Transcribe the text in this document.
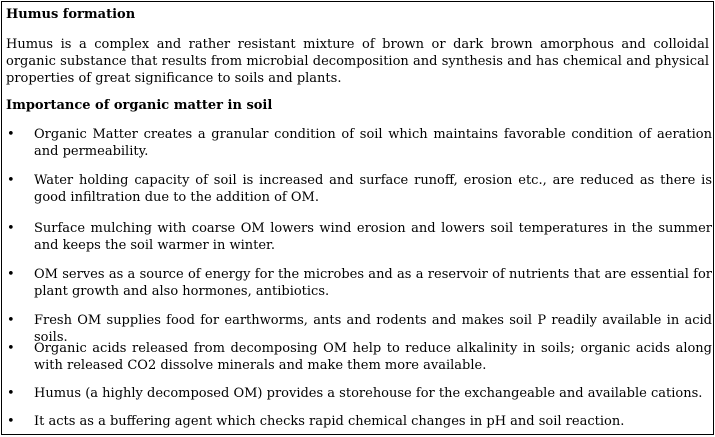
Humus formation
Humus is a complex and rather resistant mixture of brown or dark brown amorphous and colloidal organic substance that results from microbial decomposition and synthesis and has chemical and physical properties of great significance to soils and plants.
Importance of organic matter in soil
• Organic Matter creates a granular condition of soil which maintains favorable condition of aeration and permeability.
• Water holding capacity of soil is increased and surface runoff, erosion etc., are reduced as there is good infiltration due to the addition of OM.
• Surface mulching with coarse OM lowers wind erosion and lowers soil temperatures in the summer and keeps the soil warmer in winter.
• OM serves as a source of energy for the microbes and as a reservoir of nutrients that are essential for plant growth and also hormones, antibiotics.
• Fresh OM supplies food for earthworms, ants and rodents and makes soil P readily available in acid soils.
• Organic acids released from decomposing OM help to reduce alkalinity in soils; organic acids along with released CO2 dissolve minerals and make them more available.
• Humus (a highly decomposed OM) provides a storehouse for the exchangeable and available cations.
• It acts as a buffering agent which checks rapid chemical changes in pH and soil reaction.
